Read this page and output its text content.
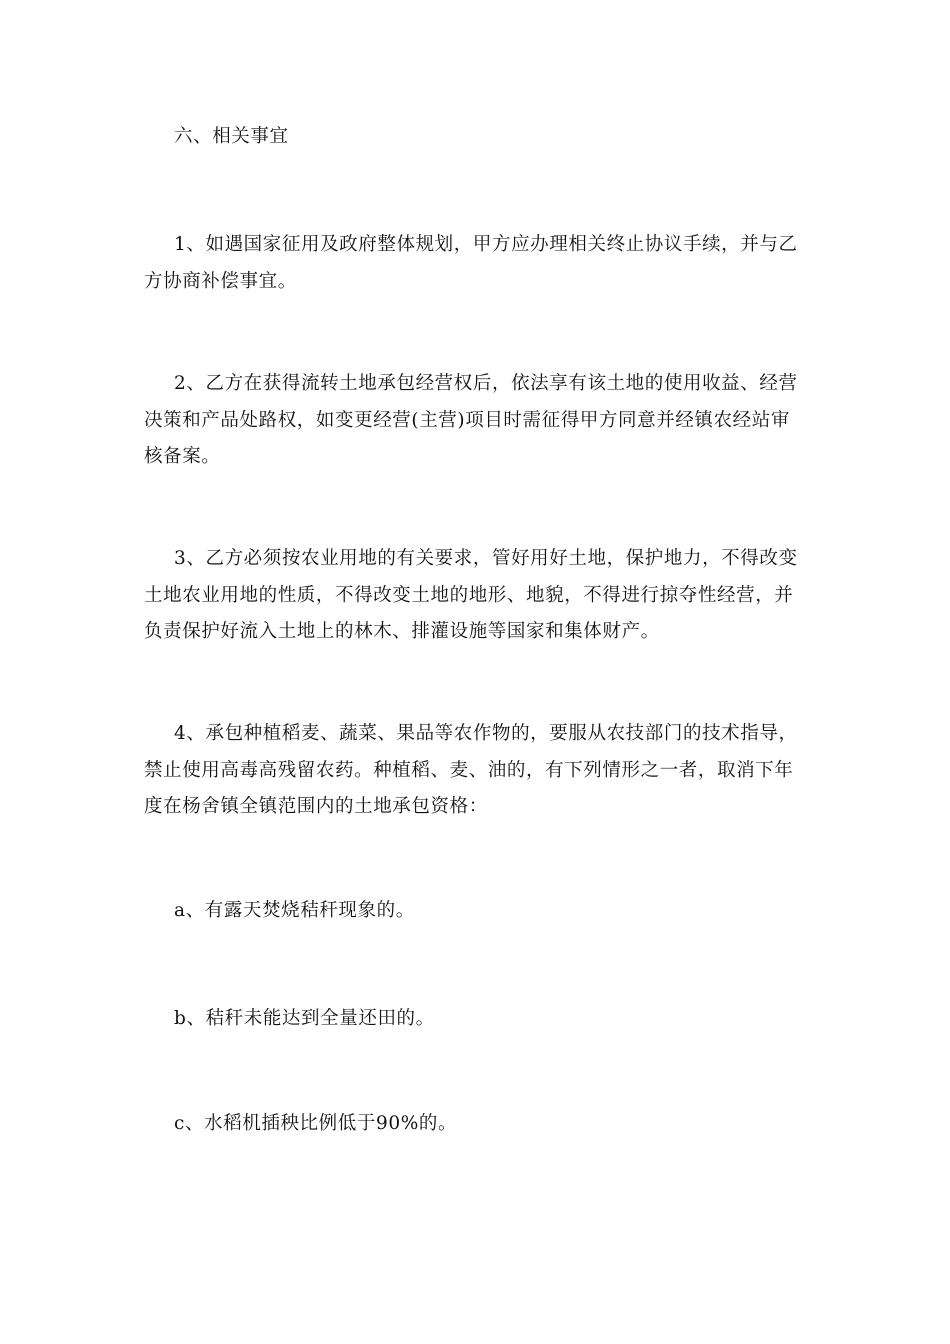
六、相关事宜

1、如遇国家征用及政府整体规划，甲方应办理相关终止协议手续，并与乙方协商补偿事宜。

2、乙方在获得流转土地承包经营权后，依法享有该土地的使用收益、经营决策和产品处路权，如变更经营(主营)项目时需征得甲方同意并经镇农经站审核备案。

3、乙方必须按农业用地的有关要求，管好用好土地，保护地力，不得改变土地农业用地的性质，不得改变土地的地形、地貌，不得进行掠夺性经营，并负责保护好流入土地上的林木、排灌设施等国家和集体财产。

4、承包种植稻麦、蔬菜、果品等农作物的，要服从农技部门的技术指导，禁止使用高毒高残留农药。种植稻、麦、油的，有下列情形之一者，取消下年度在杨舍镇全镇范围内的土地承包资格：

a、有露天焚烧秸秆现象的。

b、秸秆未能达到全量还田的。

c、水稻机插秧比例低于90%的。
